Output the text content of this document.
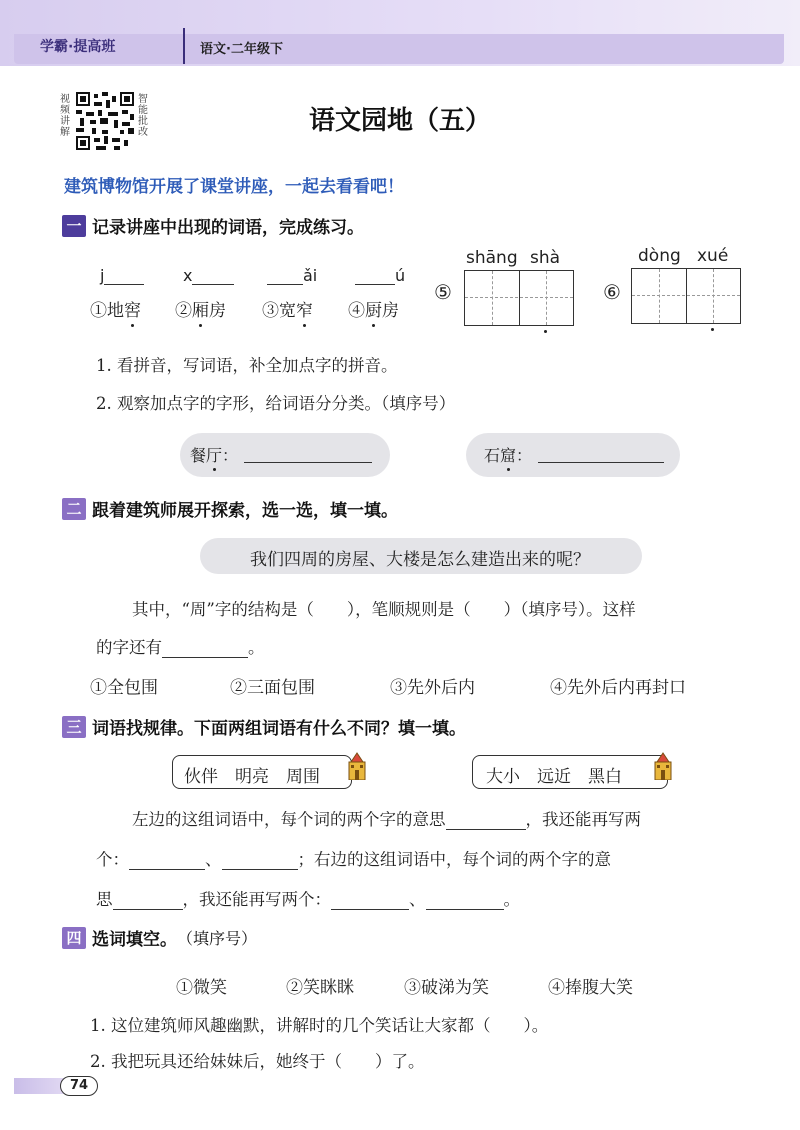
学霸·提高班	语文·二年级下
视频讲解
智能批改	语文园地（五）
建筑博物馆开展了课堂讲座，一起去看看吧！
一 记录讲座中出现的词语，完成练习。
j	x	ǎi	ú
①地窖 ②厢房 ③宽窄 ④厨房
⑤
shāng shà
⑥
dòng xué
1. 看拼音，写词语，补全加点字的拼音。
2. 观察加点字的字形，给词语分分类。（填序号）
餐厅：	石窟：
二 跟着建筑师展开探索，选一选，填一填。
我们四周的房屋、大楼是怎么建造出来的呢？
其中，“周”字的结构是（　　），笔顺规则是（　　）（填序号）。这样
的字还有	。
①全包围	②三面包围	③先外后内	④先外后内再封口
三 词语找规律。下面两组词语有什么不同？填一填。
伙伴　明亮　周围	大小　远近　黑白
左边的这组词语中，每个词的两个字的意思	，我还能再写两
个：	、	；右边的这组词语中，每个词的两个字的意
思	，我还能再写两个：	、	。
四 选词填空。 （填序号）
①微笑	②笑眯眯	③破涕为笑	④捧腹大笑
1. 这位建筑师风趣幽默，讲解时的几个笑话让大家都（　　）。
2. 我把玩具还给妹妹后，她终于（　　）了。
74
